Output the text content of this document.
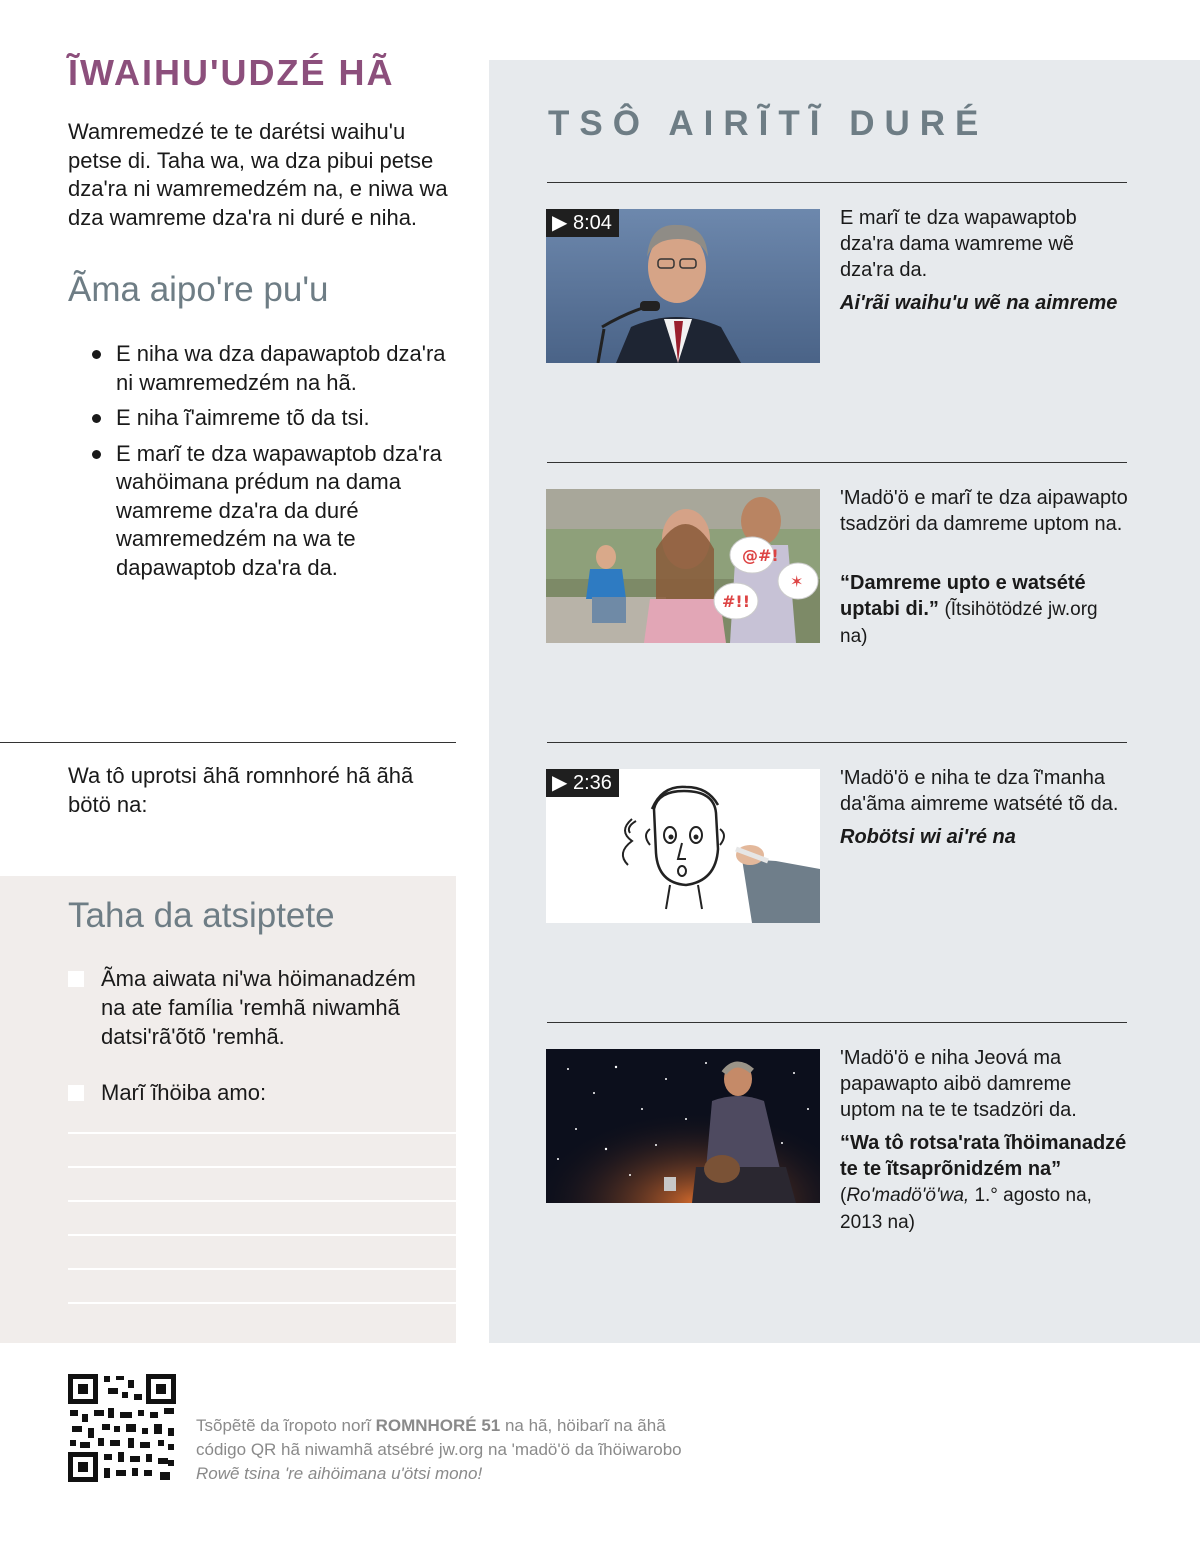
ĨWAIHU'UDZÉ HÃ

Wamremedzé te te darétsi waihu'u petse di. Taha wa, wa dza pibui petse dza'ra ni wamremedzém na, e niwa wa dza wamreme dza'ra ni duré e niha.

Ãma aipo're pu'u
E niha wa dza dapawaptob dza'ra ni wamremedzém na hã.
E niha ĩ'aimreme tõ da tsi.
E marĩ te dza wapawaptob dza'ra wahöimana prédum na dama wamreme dza'ra da duré wamremedzém na wa te dapawaptob dza'ra da.

Wa tô uprotsi ãhã romnhoré hã ãhã bötö na:

Taha da atsiptete

Ãma aiwata ni'wa höimanadzém na ate família 'remhã niwamhã datsi'rã'õtõ 'remhã.

Marĩ ĩhöiba amo:

TSÔ AIRĨTĨ DURÉ
▶ 8:04	E marĩ te dza wapawaptob dza'ra dama wamreme wẽ dza'ra da.

Ai'rãi waihu'u wẽ na aimreme

@#!
#!!
✶

'Madö'ö e marĩ te dza aipawapto tsadzöri da damreme uptom na.

“Damreme upto e watsété uptabi di.” (Ĩtsihötödzé jw.org na)

▶ 2:36	'Madö'ö e niha te dza ĩ'manha da'ãma aimreme watsété tõ da.

Robötsi wi ai'ré na

'Madö'ö e niha Jeová ma papawapto aibö damreme uptom na te te tsadzöri da.

“Wa tô rotsa'rata ĩhöimanadzé te te ĩtsaprõnidzém na”
(Ro'madö'ö'wa, 1.° agosto na, 2013 na)

Tsõpẽtẽ da ĩropoto norĩ ROMNHORÉ 51 na hã, höibarĩ na ãhã código QR hã niwamhã atsébré jw.org na 'madö'ö da ĩhöiwarobo Rowẽ tsina 're aihöimana u'ötsi mono!
